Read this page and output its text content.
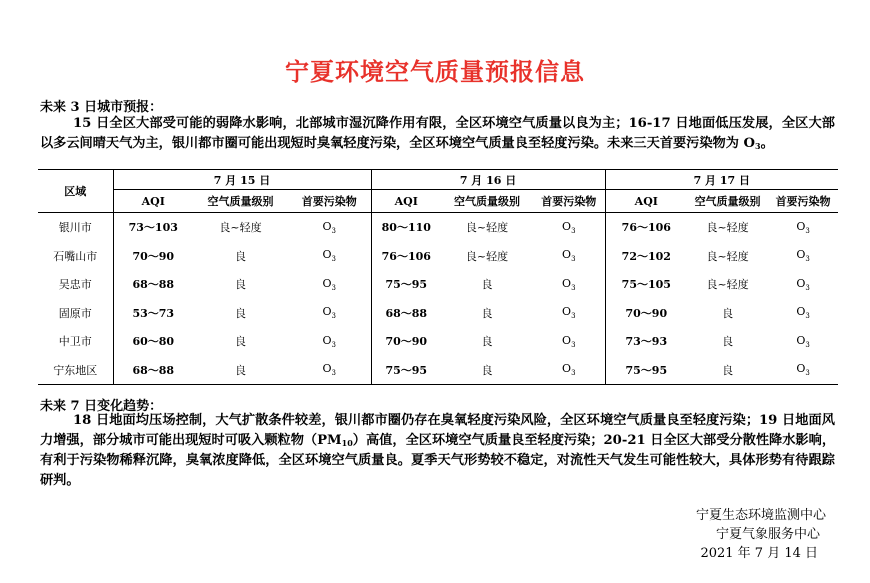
宁夏环境空气质量预报信息
未来 3 日城市预报：
15 日全区大部受可能的弱降水影响，北部城市湿沉降作用有限，全区环境空气质量以良为主；16-17 日地面低压发展，全区大部以多云间晴天气为主，银川都市圈可能出现短时臭氧轻度污染，全区环境空气质量良至轻度污染。未来三天首要污染物为 $O_3$。
区域	7 月 15 日			7 月 16 日			7 月 17 日		
	AQI	空气质量级别	首要污染物	AQI	空气质量级别	首要污染物	AQI	空气质量级别	首要污染物
银川市	73～103	良~轻度	$O_3$	80～110	良~轻度	$O_3$	76～106	良~轻度	$O_3$
石嘴山市	70～90	良	$O_3$	76～106	良~轻度	$O_3$	72～102	良~轻度	$O_3$
吴忠市	68～88	良	$O_3$	75～95	良	$O_3$	75～105	良~轻度	$O_3$
固原市	53～73	良	$O_3$	68～88	良	$O_3$	70～90	良	$O_3$
中卫市	60～80	良	$O_3$	70～90	良	$O_3$	73～93	良	$O_3$
宁东地区	68～88	良	$O_3$	75～95	良	$O_3$	75～95	良	$O_3$
未来 7 日变化趋势：
18 日地面均压场控制，大气扩散条件较差，银川都市圈仍存在臭氧轻度污染风险，全区环境空气质量良至轻度污染；19 日地面风力增强，部分城市可能出现短时可吸入颗粒物$(PM_{10})$高值，全区环境空气质量良至轻度污染；20-21 日全区大部受分散性降水影响，有利于污染物稀释沉降，臭氧浓度降低，全区环境空气质量良。夏季天气形势较不稳定，对流性天气发生可能性较大，具体形势有待跟踪研判。
宁夏生态环境监测中心
宁夏气象服务中心
2021 年 7 月 14 日
